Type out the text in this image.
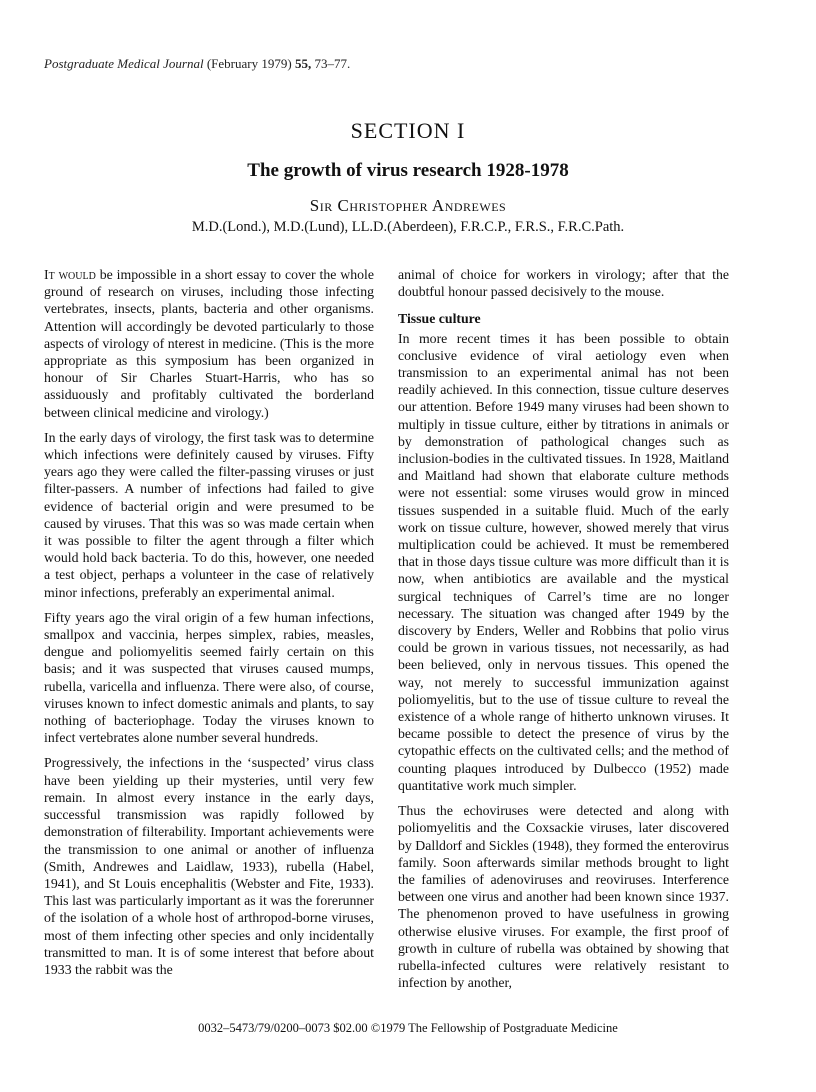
Postgraduate Medical Journal (February 1979) 55, 73–77.
SECTION I
The growth of virus research 1928-1978
Sir Christopher Andrewes
M.D.(Lond.), M.D.(Lund), LL.D.(Aberdeen), F.R.C.P., F.R.S., F.R.C.Path.

It would be impossible in a short essay to cover the whole ground of research on viruses, including those infecting vertebrates, insects, plants, bacteria and other organisms. Attention will accordingly be devoted particularly to those aspects of virology of nterest in medicine. (This is the more appropriate as this symposium has been organized in honour of Sir Charles Stuart-Harris, who has so assiduously and profitably cultivated the borderland between clinical medicine and virology.)

In the early days of virology, the first task was to determine which infections were definitely caused by viruses. Fifty years ago they were called the filter-passing viruses or just filter-passers. A number of infections had failed to give evidence of bacterial origin and were presumed to be caused by viruses. That this was so was made certain when it was possible to filter the agent through a filter which would hold back bacteria. To do this, however, one needed a test object, perhaps a volunteer in the case of relatively minor infections, preferably an experimental animal.

Fifty years ago the viral origin of a few human infections, smallpox and vaccinia, herpes simplex, rabies, measles, dengue and poliomyelitis seemed fairly certain on this basis; and it was suspected that viruses caused mumps, rubella, varicella and influenza. There were also, of course, viruses known to infect domestic animals and plants, to say nothing of bacteriophage. Today the viruses known to infect vertebrates alone number several hundreds.

Progressively, the infections in the ‘suspected’ virus class have been yielding up their mysteries, until very few remain. In almost every instance in the early days, successful transmission was rapidly followed by demonstration of filterability. Important achievements were the transmission to one animal or another of influenza (Smith, Andrewes and Laidlaw, 1933), rubella (Habel, 1941), and St Louis encephalitis (Webster and Fite, 1933). This last was particularly important as it was the forerunner of the isolation of a whole host of arthropod-borne viruses, most of them infecting other species and only incidentally transmitted to man. It is of some interest that before about 1933 the rabbit was the

animal of choice for workers in virology; after that the doubtful honour passed decisively to the mouse.

Tissue culture

In more recent times it has been possible to obtain conclusive evidence of viral aetiology even when transmission to an experimental animal has not been readily achieved. In this connection, tissue culture deserves our attention. Before 1949 many viruses had been shown to multiply in tissue culture, either by titrations in animals or by demonstration of pathological changes such as inclusion-bodies in the cultivated tissues. In 1928, Maitland and Maitland had shown that elaborate culture methods were not essential: some viruses would grow in minced tissues suspended in a suitable fluid. Much of the early work on tissue culture, however, showed merely that virus multiplication could be achieved. It must be remembered that in those days tissue culture was more difficult than it is now, when antibiotics are available and the mystical surgical techniques of Carrel’s time are no longer necessary. The situation was changed after 1949 by the discovery by Enders, Weller and Robbins that polio virus could be grown in various tissues, not necessarily, as had been believed, only in nervous tissues. This opened the way, not merely to successful immunization against poliomyelitis, but to the use of tissue culture to reveal the existence of a whole range of hitherto unknown viruses. It became possible to detect the presence of virus by the cytopathic effects on the cultivated cells; and the method of counting plaques introduced by Dulbecco (1952) made quantitative work much simpler.

Thus the echoviruses were detected and along with poliomyelitis and the Coxsackie viruses, later discovered by Dalldorf and Sickles (1948), they formed the enterovirus family. Soon afterwards similar methods brought to light the families of adenoviruses and reoviruses. Interference between one virus and another had been known since 1937. The phenomenon proved to have usefulness in growing otherwise elusive viruses. For example, the first proof of growth in culture of rubella was obtained by showing that rubella-infected cultures were relatively resistant to infection by another,

0032–5473/79/0200–0073 $02.00 ©1979 The Fellowship of Postgraduate Medicine
